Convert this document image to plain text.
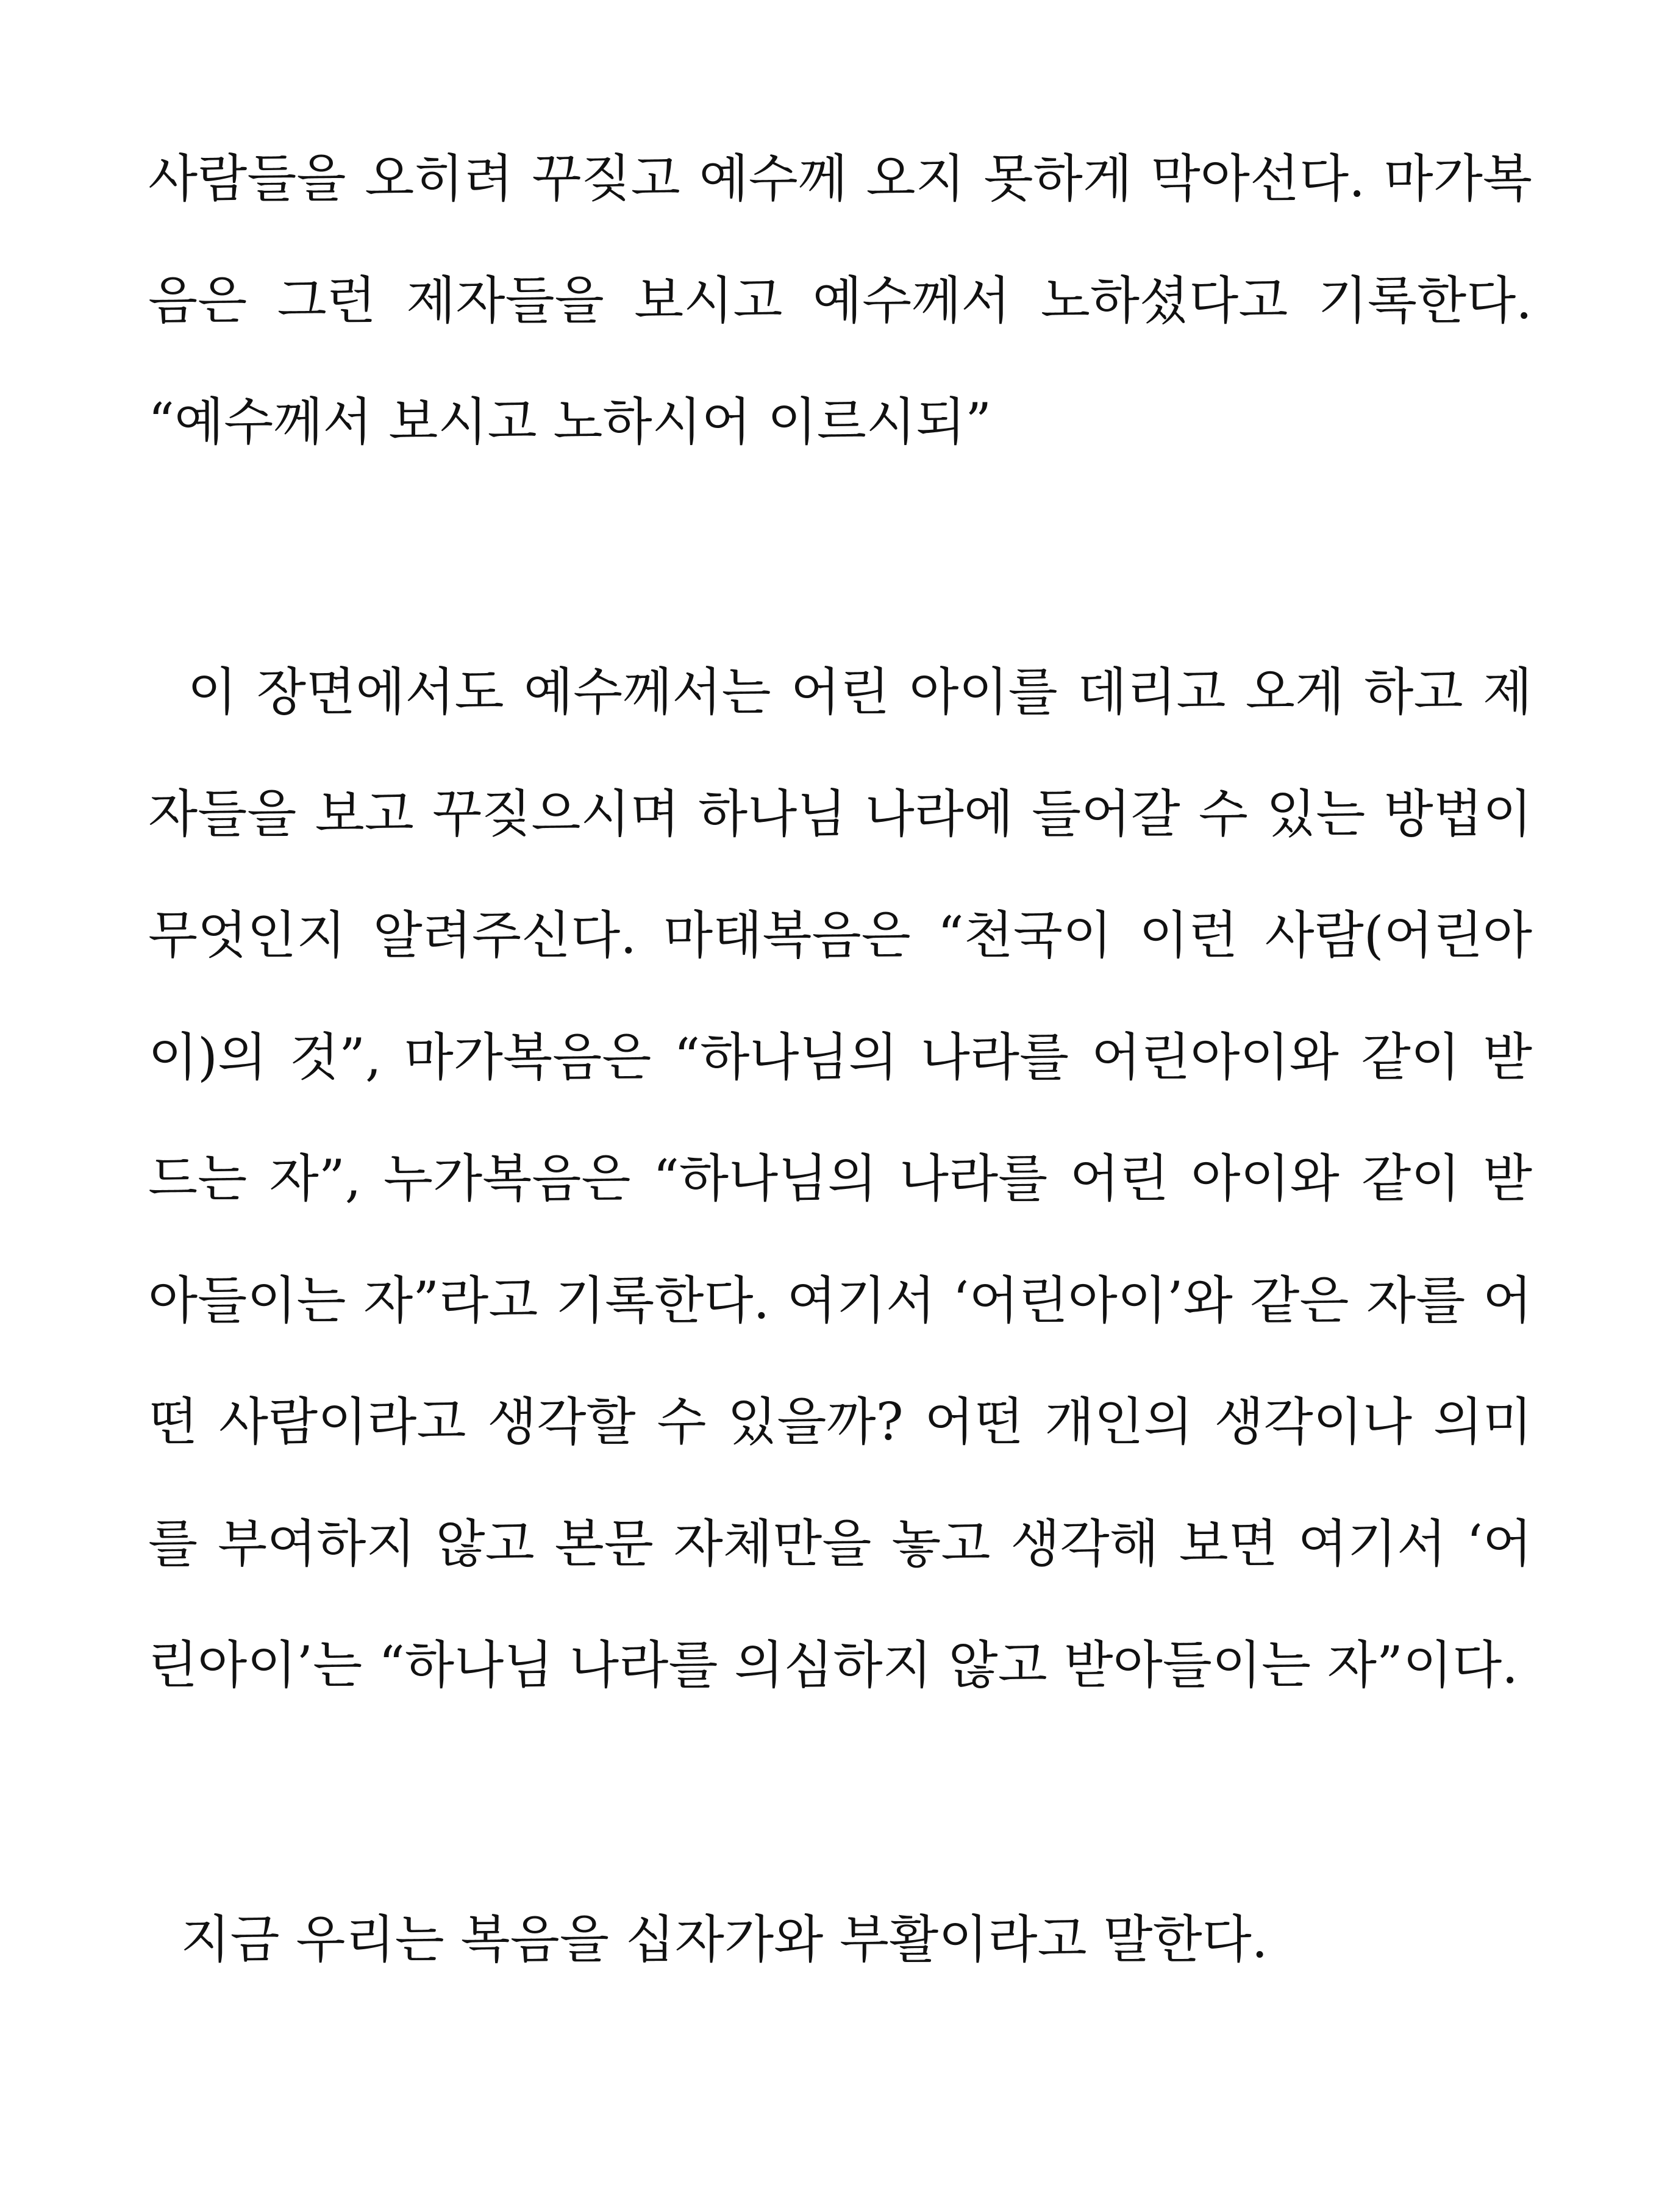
사람들을 오히려 꾸짖고 예수께 오지 못하게 막아선다. 마가복
음은 그런 제자들을 보시고 예수께서 노하셨다고 기록한다.
“예수께서 보시고 노하시어 이르시되”
이 장면에서도 예수께서는 어린 아이를 데리고 오게 하고 제
자들을 보고 꾸짖으시며 하나님 나라에 들어갈 수 있는 방법이
무엇인지 알려주신다. 마태복음은 “천국이 이런 사람(어린아
이)의 것”, 마가복음은 “하나님의 나라를 어린아이와 같이 받
드는 자”, 누가복음은 “하나님의 나라를 어린 아이와 같이 받
아들이는 자”라고 기록한다. 여기서 ‘어린아이’와 같은 자를 어
떤 사람이라고 생각할 수 있을까? 어떤 개인의 생각이나 의미
를 부여하지 않고 본문 자체만을 놓고 생각해 보면 여기서 ‘어
린아이’는 “하나님 나라를 의심하지 않고 받아들이는 자”이다.
지금 우리는 복음을 십자가와 부활이라고 말한다.
